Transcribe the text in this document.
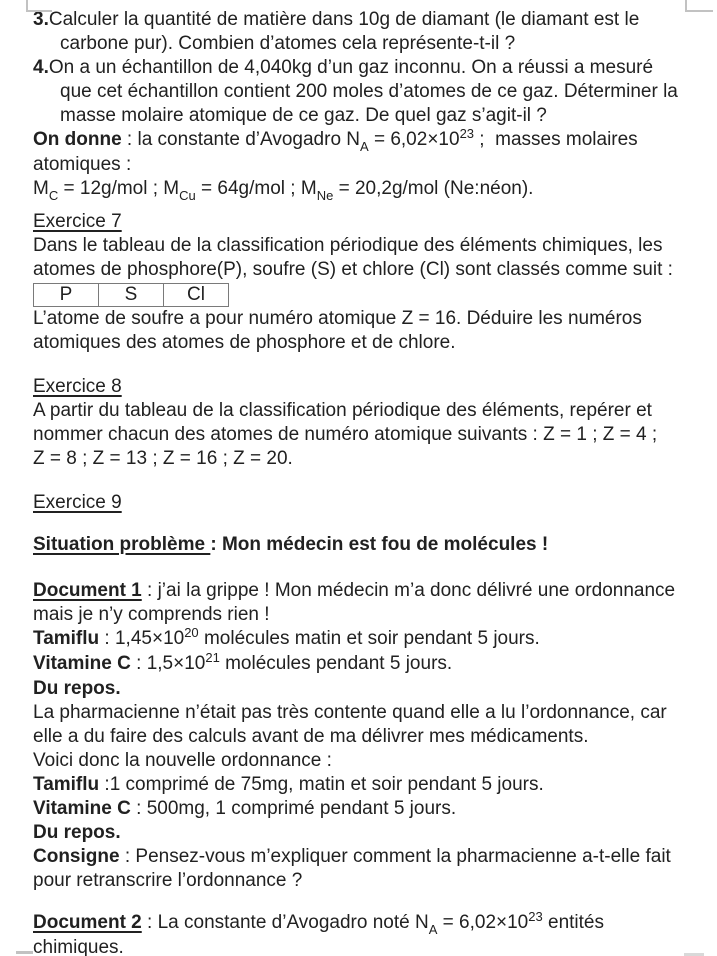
3.Calculer la quantité de matière dans 10g de diamant (le diamant est le
carbone pur). Combien d’atomes cela représente-t-il ?
4.On a un échantillon de 4,040kg d’un gaz inconnu. On a réussi a mesuré
que cet échantillon contient 200 moles d’atomes de ce gaz. Déterminer la
masse molaire atomique de ce gaz. De quel gaz s’agit-il ?
On donne : la constante d’Avogadro $N_A = 6,02\times 10^{23}$ ;  masses molaires
atomiques :
$M_C = 12g/mol$ ; $M_{Cu} = 64g/mol$ ; $M_{Ne} = 20,2g/mol$ (Ne:néon).
Exercice 7
Dans le tableau de la classification périodique des éléments chimiques, les
atomes de phosphore(P), soufre (S) et chlore (Cl) sont classés comme suit :
P	S	Cl
L’atome de soufre a pour numéro atomique Z = 16. Déduire les numéros
atomiques des atomes de phosphore et de chlore.
Exercice 8
A partir du tableau de la classification périodique des éléments, repérer et
nommer chacun des atomes de numéro atomique suivants : Z = 1 ; Z = 4 ;
Z = 8 ; Z = 13 ; Z = 16 ; Z = 20.
Exercice 9
Situation problème : Mon médecin est fou de molécules !
Document 1 : j’ai la grippe ! Mon médecin m’a donc délivré une ordonnance
mais je n’y comprends rien !
Tamiflu : $1,45\times 10^{20}$ molécules matin et soir pendant 5 jours.
Vitamine C : $1,5\times 10^{21}$ molécules pendant 5 jours.
Du repos.
La pharmacienne n’était pas très contente quand elle a lu l’ordonnance, car
elle a du faire des calculs avant de ma délivrer mes médicaments.
Voici donc la nouvelle ordonnance :
Tamiflu :1 comprimé de 75mg, matin et soir pendant 5 jours.
Vitamine C : 500mg, 1 comprimé pendant 5 jours.
Du repos.
Consigne : Pensez-vous m’expliquer comment la pharmacienne a-t-elle fait
pour retranscrire l’ordonnance ?
Document 2 : La constante d’Avogadro noté $N_A = 6,02\times 10^{23}$ entités
chimiques.
